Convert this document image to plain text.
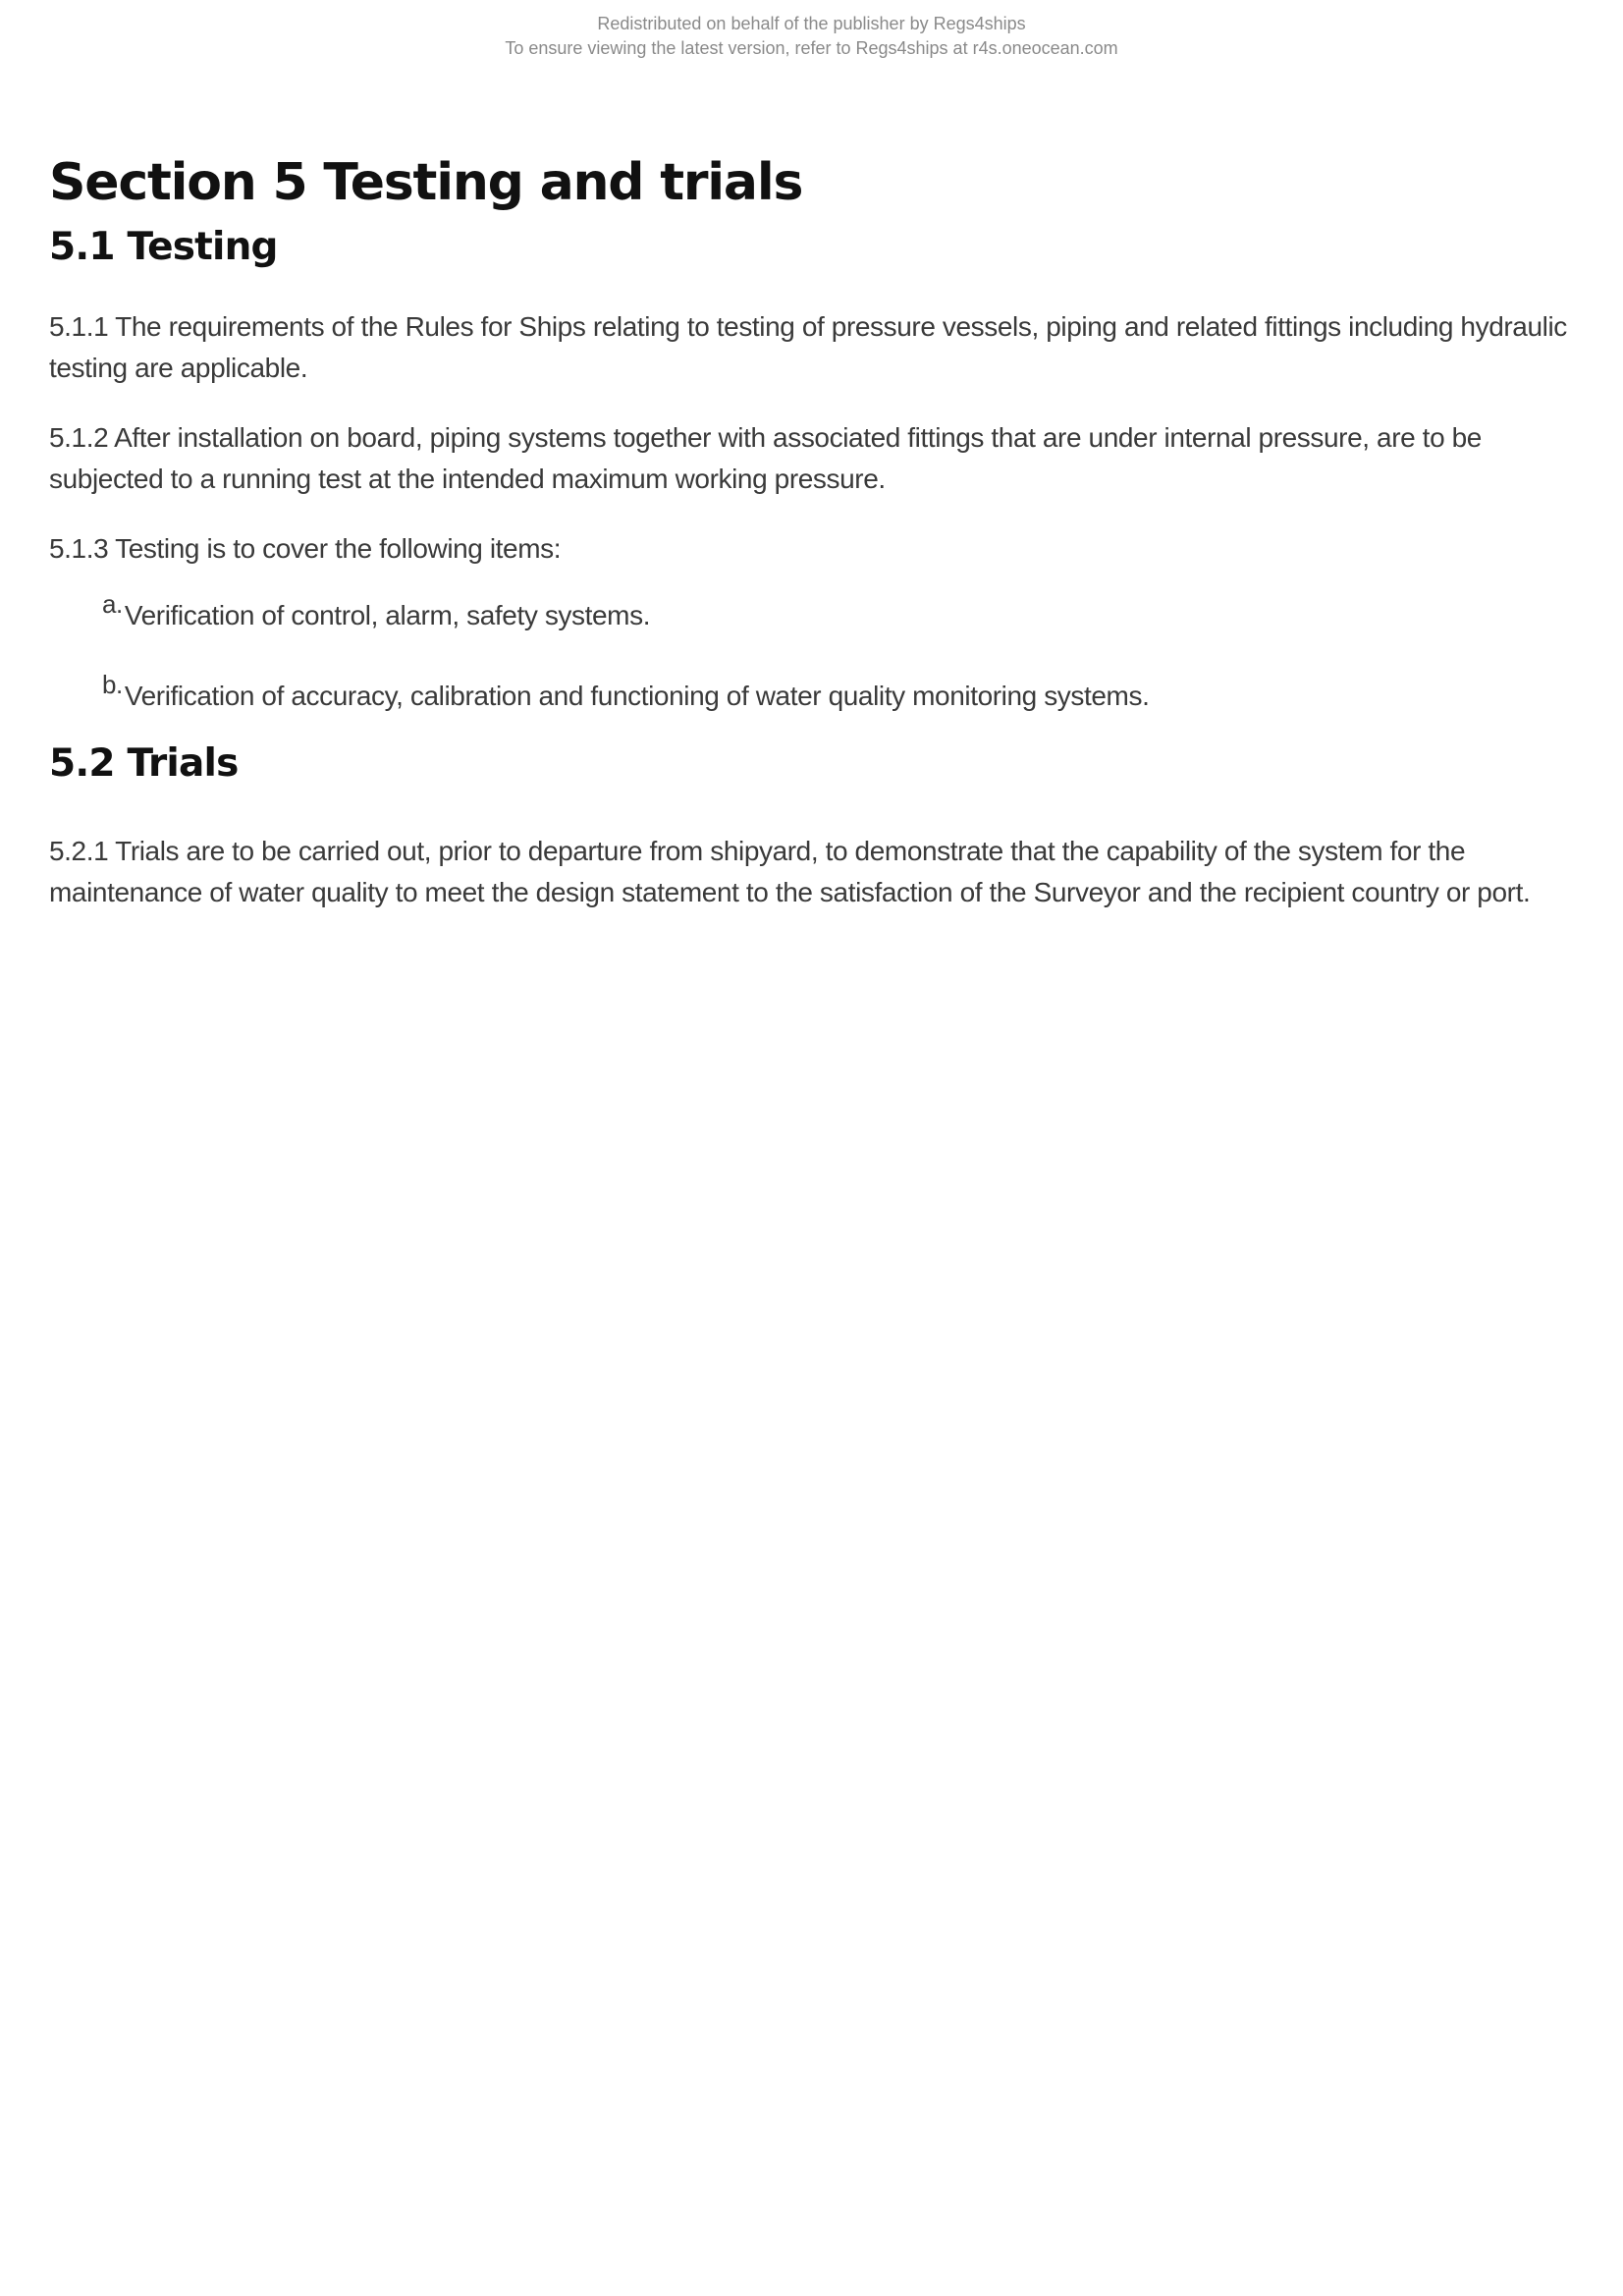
Redistributed on behalf of the publisher by Regs4ships
To ensure viewing the latest version, refer to Regs4ships at r4s.oneocean.com
Section 5 Testing and trials
5.1 Testing

5.1.1 The requirements of the Rules for Ships relating to testing of pressure vessels, piping and related fittings including hydraulic testing are applicable.

5.1.2 After installation on board, piping systems together with associated fittings that are under internal pressure, are to be subjected to a running test at the intended maximum working pressure.

5.1.3 Testing is to cover the following items:

a.Verification of control, alarm, safety systems.
b.Verification of accuracy, calibration and functioning of water quality monitoring systems.
5.2 Trials

5.2.1 Trials are to be carried out, prior to departure from shipyard, to demonstrate that the capability of the system for the maintenance of water quality to meet the design statement to the satisfaction of the Surveyor and the recipient country or port.
